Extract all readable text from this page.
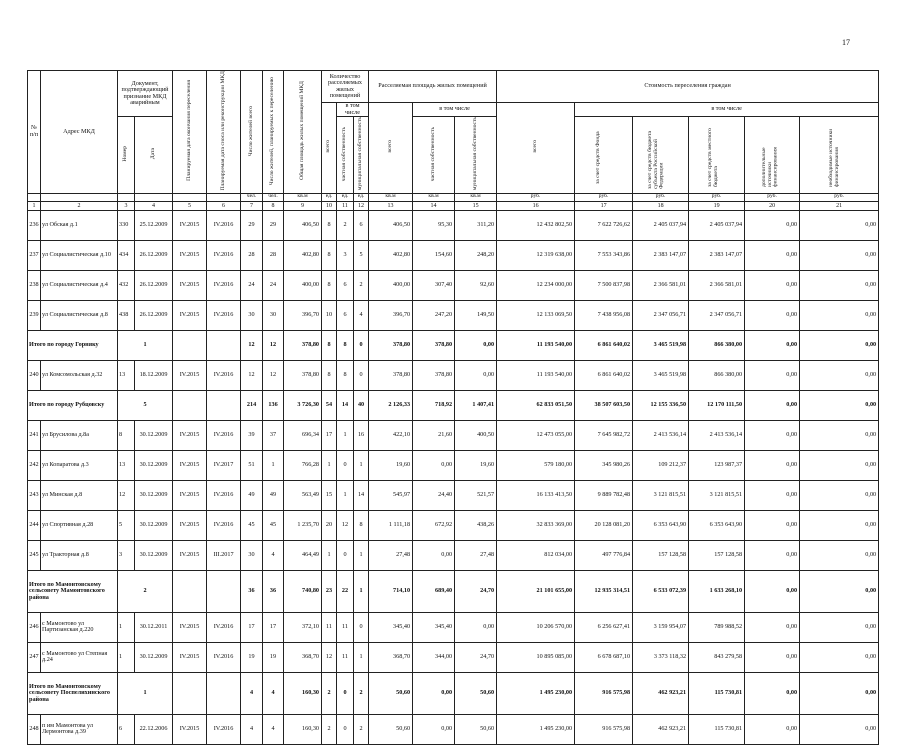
17
№ п/п	Адрес МКД	Документ, подтверждающий признание МКД аварийным		Планируемая дата окончания переселения	Планируемая дата сноса или реконструкции МКД	Число жителей всего	Число жителей, планируемых к переселению	Общая площадь жилых помещений МКД	Количество расселяемых жилых помещений			Расселяемая площадь жилых помещений			Стоимость переселения граждан					
									всего	в том числе		всего	в том числе		всего	в том числе				
		Номер	Дата							частная собственность	муниципальная собственность		частная собственность	муниципальная собственность		за счет средств Фонда	за счет средств бюджета субъекта Российской Федерации	за счет средств местного бюджета	дополнительные источники финансирования	необходимые источники финансирования
						чел.	чел.	кв.м	ед.	ед.	ед.	кв.м	кв.м	кв.м	руб.	руб.	руб.	руб.	руб.	руб.
1	2	3	4	5	6	7	8	9	10	11	12	13	14	15	16	17	18	19	20	21
236	ул Обская д.1	330	25.12.2009	IV.2015	IV.2016	29	29	406,50	8	2	6	406,50	95,30	311,20	12 432 802,50	7 622 726,62	2 405 037,94	2 405 037,94	0,00	0,00
237	ул Социалистическая д.10	434	26.12.2009	IV.2015	IV.2016	28	28	402,80	8	3	5	402,80	154,60	248,20	12 319 638,00	7 553 343,86	2 383 147,07	2 383 147,07	0,00	0,00
238	ул Социалистическая д.4	432	26.12.2009	IV.2015	IV.2016	24	24	400,00	8	6	2	400,00	307,40	92,60	12 234 000,00	7 500 837,98	2 366 581,01	2 366 581,01	0,00	0,00
239	ул Социалистическая д.8	438	26.12.2009	IV.2015	IV.2016	30	30	396,70	10	6	4	396,70	247,20	149,50	12 133 069,50	7 438 956,08	2 347 056,71	2 347 056,71	0,00	0,00
Итого по городу Горняку		1				12	12	378,80	8	8	0	378,80	378,80	0,00	11 193 540,00	6 861 640,02	3 465 519,98	866 380,00	0,00	0,00
240	ул Комсомольская д.32	13	18.12.2009	IV.2015	IV.2016	12	12	378,80	8	8	0	378,80	378,80	0,00	11 193 540,00	6 861 640,02	3 465 519,98	866 380,00	0,00	0,00
Итого по городу Рубцовску		5				214	136	3 726,30	54	14	40	2 126,33	718,92	1 407,41	62 833 051,50	38 507 603,50	12 155 336,50	12 170 111,50	0,00	0,00
241	ул Брусилова д.8а	8	30.12.2009	IV.2015	IV.2016	39	37	696,34	17	1	16	422,10	21,60	400,50	12 473 055,00	7 645 982,72	2 413 536,14	2 413 536,14	0,00	0,00
242	ул Копаратова д.3	13	30.12.2009	IV.2015	IV.2017	51	1	766,28	1	0	1	19,60	0,00	19,60	579 180,00	345 980,26	109 212,37	123 987,37	0,00	0,00
243	ул Минская д.8	12	30.12.2009	IV.2015	IV.2016	49	49	563,49	15	1	14	545,97	24,40	521,57	16 133 413,50	9 889 782,48	3 121 815,51	3 121 815,51	0,00	0,00
244	ул Спортивная д.28	5	30.12.2009	IV.2015	IV.2016	45	45	1 235,70	20	12	8	1 111,18	672,92	438,26	32 833 369,00	20 128 081,20	6 353 643,90	6 353 643,90	0,00	0,00
245	ул Тракторная д.8	3	30.12.2009	IV.2015	III.2017	30	4	464,49	1	0	1	27,48	0,00	27,48	812 034,00	497 776,84	157 128,58	157 128,58	0,00	0,00
Итого по Мамонтовскому сельсовету Мамонтовского района		2				36	36	740,80	23	22	1	714,10	689,40	24,70	21 101 655,00	12 935 314,51	6 533 072,39	1 633 268,10	0,00	0,00
246	с Мамонтово ул Партизанская д.220	1	30.12.2011	IV.2015	IV.2016	17	17	372,10	11	11	0	345,40	345,40	0,00	10 206 570,00	6 256 627,41	3 159 954,07	789 988,52	0,00	0,00
247	с Мамонтово ул Степная д.24	1	30.12.2009	IV.2015	IV.2016	19	19	368,70	12	11	1	368,70	344,00	24,70	10 895 085,00	6 678 687,10	3 373 118,32	843 279,58	0,00	0,00
Итого по Мамонтовскому сельсовету Поспелихинского района		1				4	4	160,30	2	0	2	50,60	0,00	50,60	1 495 230,00	916 575,98	462 923,21	115 730,81	0,00	0,00
248	п им Мамонтова ул Лермонтова д.39	6	22.12.2006	IV.2015	IV.2016	4	4	160,30	2	0	2	50,60	0,00	50,60	1 495 230,00	916 575,98	462 923,21	115 730,81	0,00	0,00
